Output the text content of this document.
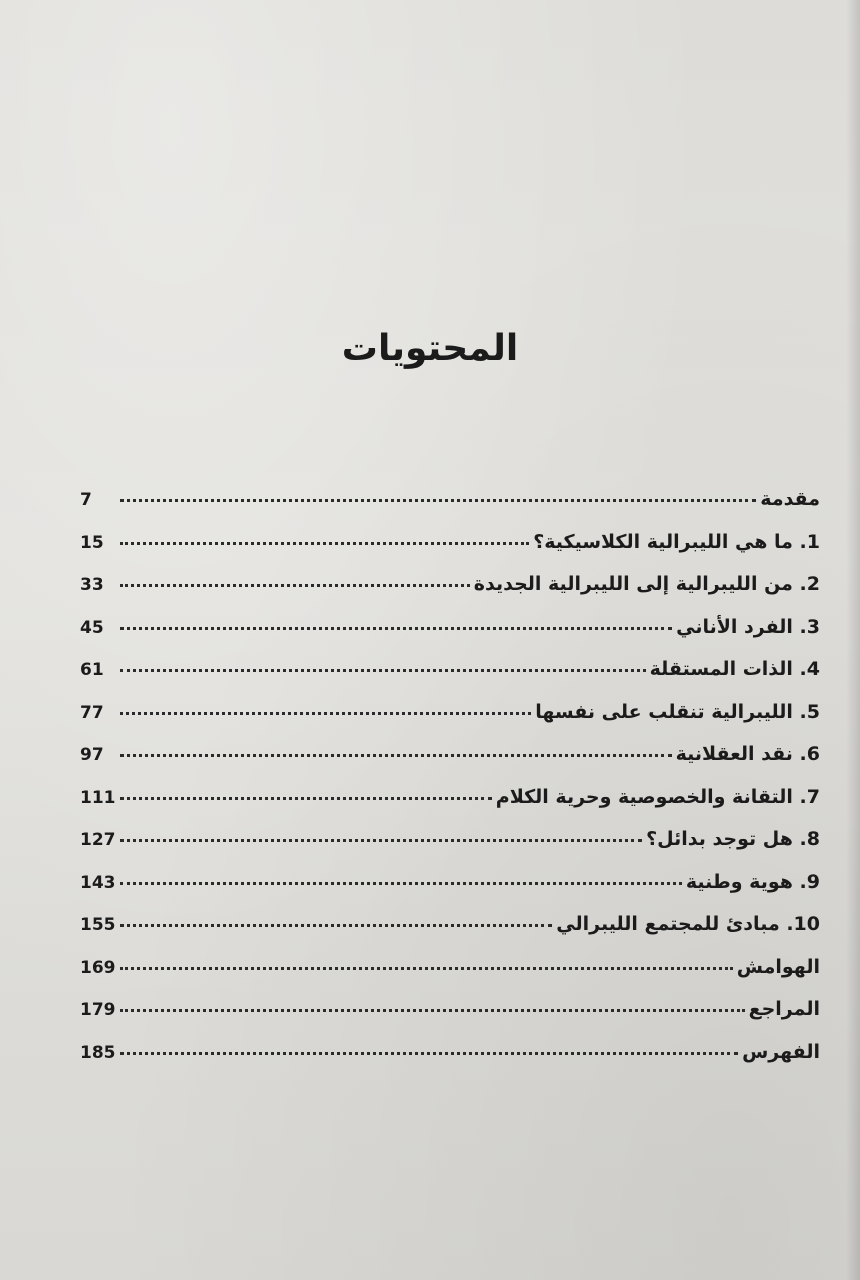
المحتويات
مقدمة
7
1. ما هي الليبرالية الكلاسيكية؟
15
2. من الليبرالية إلى الليبرالية الجديدة
33
3. الفرد الأناني
45
4. الذات المستقلة
61
5. الليبرالية تنقلب على نفسها
77
6. نقد العقلانية
97
7. التقانة والخصوصية وحرية الكلام
111
8. هل توجد بدائل؟
127
9. هوية وطنية
143
10. مبادئ للمجتمع الليبرالي
155
الهوامش
169
المراجع
179
الفهرس
185
